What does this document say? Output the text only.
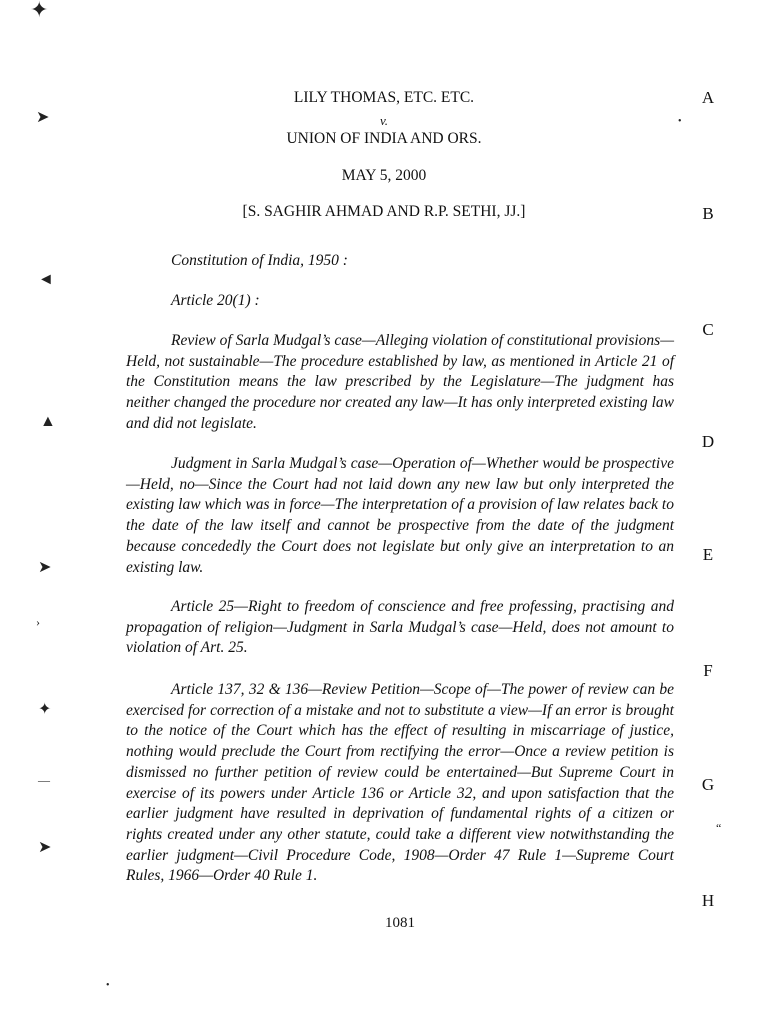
✦
➤
◄
▲
➤
›
✦
—
➤
•
“
•
LILY THOMAS, ETC. ETC.
v.
UNION OF INDIA AND ORS.
MAY 5, 2000
[S. SAGHIR AHMAD AND R.P. SETHI, JJ.]
A
B
C
D
E
F
G
H
Constitution of India, 1950 :
Article 20(1) :

Review of Sarla Mudgal’s case—Alleging violation of constitutional provisions—Held, not sustainable—The procedure established by law, as mentioned in Article 21 of the Constitution means the law prescribed by the Legislature—The judgment has neither changed the procedure nor created any law—It has only interpreted existing law and did not legislate.

Judgment in Sarla Mudgal’s case—Operation of—Whether would be prospective—Held, no—Since the Court had not laid down any new law but only interpreted the existing law which was in force—The interpretation of a provision of law relates back to the date of the law itself and cannot be prospective from the date of the judgment because concededly the Court does not legislate but only give an interpretation to an existing law.

Article 25—Right to freedom of conscience and free professing, practising and propagation of religion—Judgment in Sarla Mudgal’s case—Held, does not amount to violation of Art. 25.

Article 137, 32 & 136—Review Petition—Scope of—The power of review can be exercised for correction of a mistake and not to substitute a view—If an error is brought to the notice of the Court which has the effect of resulting in miscarriage of justice, nothing would preclude the Court from rectifying the error—Once a review petition is dismissed no further petition of review could be entertained—But Supreme Court in exercise of its powers under Article 136 or Article 32, and upon satisfaction that the earlier judgment have resulted in deprivation of fundamental rights of a citizen or rights created under any other statute, could take a different view notwithstanding the earlier judgment—Civil Procedure Code, 1908—Order 47 Rule 1—Supreme Court Rules, 1966—Order 40 Rule 1.

1081
